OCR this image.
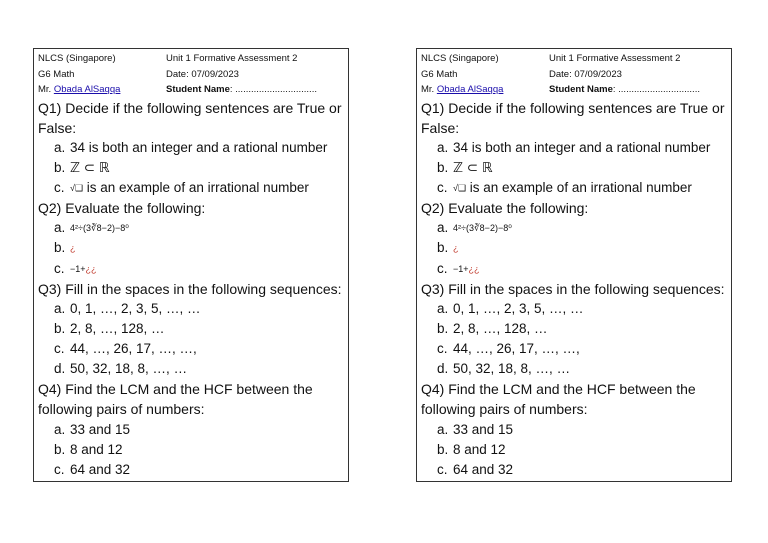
NLCS (Singapore)	Unit 1 Formative Assessment 2
G6 Math	Date: 07/09/2023
Mr. Obada AlSaqqa	Student Name: ...............................
Q1) Decide if the following sentences are True or
False:
a. 34 is both an integer and a rational number
b. ℤ ⊂ ℝ
c. √❑ is an example of an irrational number
Q2) Evaluate the following:
a. 4²÷(3∛8−2)−8⁰
b. ¿
c. −1+ ¿¿
Q3) Fill in the spaces in the following sequences:
a. 0, 1, …, 2, 3, 5, …, …
b. 2, 8, …, 128, …
c. 44, …, 26, 17, …, …,
d. 50, 32, 18, 8, …, …
Q4) Find the LCM and the HCF between the
following pairs of numbers:
a. 33 and 15
b. 8 and 12
c. 64 and 32
NLCS (Singapore)	Unit 1 Formative Assessment 2
G6 Math	Date: 07/09/2023
Mr. Obada AlSaqqa	Student Name: ...............................
Q1) Decide if the following sentences are True or
False:
a. 34 is both an integer and a rational number
b. ℤ ⊂ ℝ
c. √❑ is an example of an irrational number
Q2) Evaluate the following:
a. 4²÷(3∛8−2)−8⁰
b. ¿
c. −1+ ¿¿
Q3) Fill in the spaces in the following sequences:
a. 0, 1, …, 2, 3, 5, …, …
b. 2, 8, …, 128, …
c. 44, …, 26, 17, …, …,
d. 50, 32, 18, 8, …, …
Q4) Find the LCM and the HCF between the
following pairs of numbers:
a. 33 and 15
b. 8 and 12
c. 64 and 32
